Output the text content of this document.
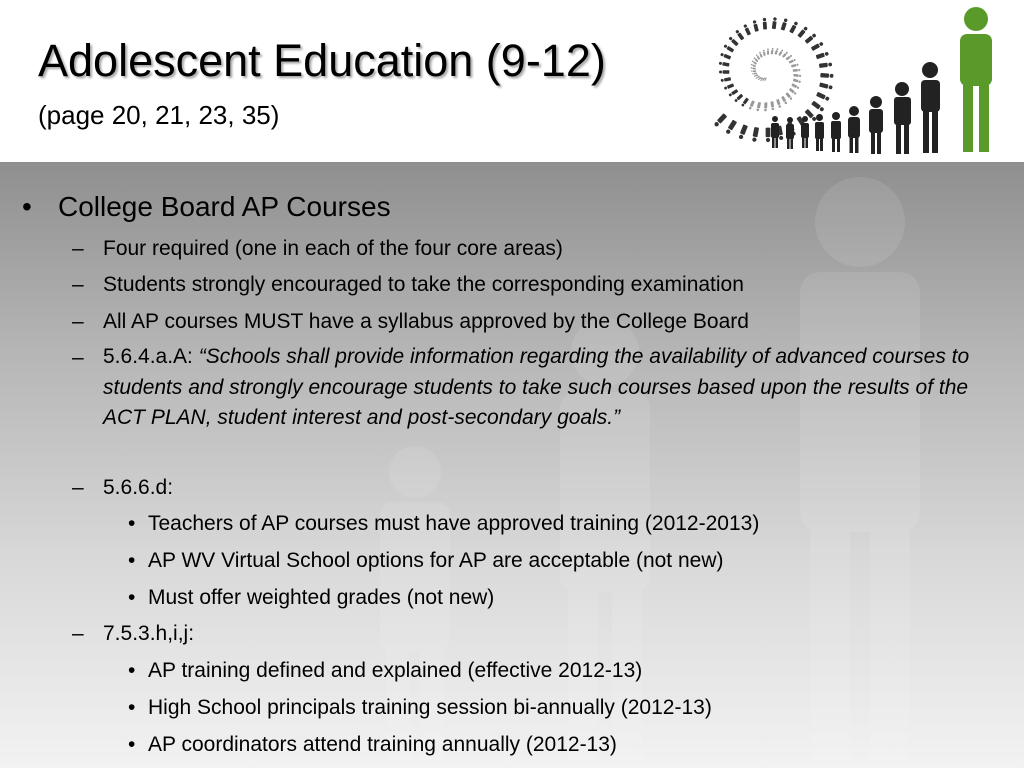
Adolescent Education (9-12)
(page 20, 21, 23, 35)
• College Board AP Courses
– Four required (one in each of the four core areas)
– Students strongly encouraged to take the corresponding examination
– All AP courses MUST have a syllabus approved by the College Board
– 5.6.4.a.A: “Schools shall provide information regarding the availability of advanced courses to students and strongly encourage students to take such courses based upon the results of the ACT PLAN, student interest and post-secondary goals.”
– 5.6.6.d:
• Teachers of AP courses must have approved training (2012-2013)
• AP WV Virtual School options for AP are acceptable (not new)
• Must offer weighted grades (not new)
– 7.5.3.h,i,j:
• AP training defined and explained (effective 2012-13)
• High School principals training session bi-annually (2012-13)
• AP coordinators attend training annually (2012-13)
